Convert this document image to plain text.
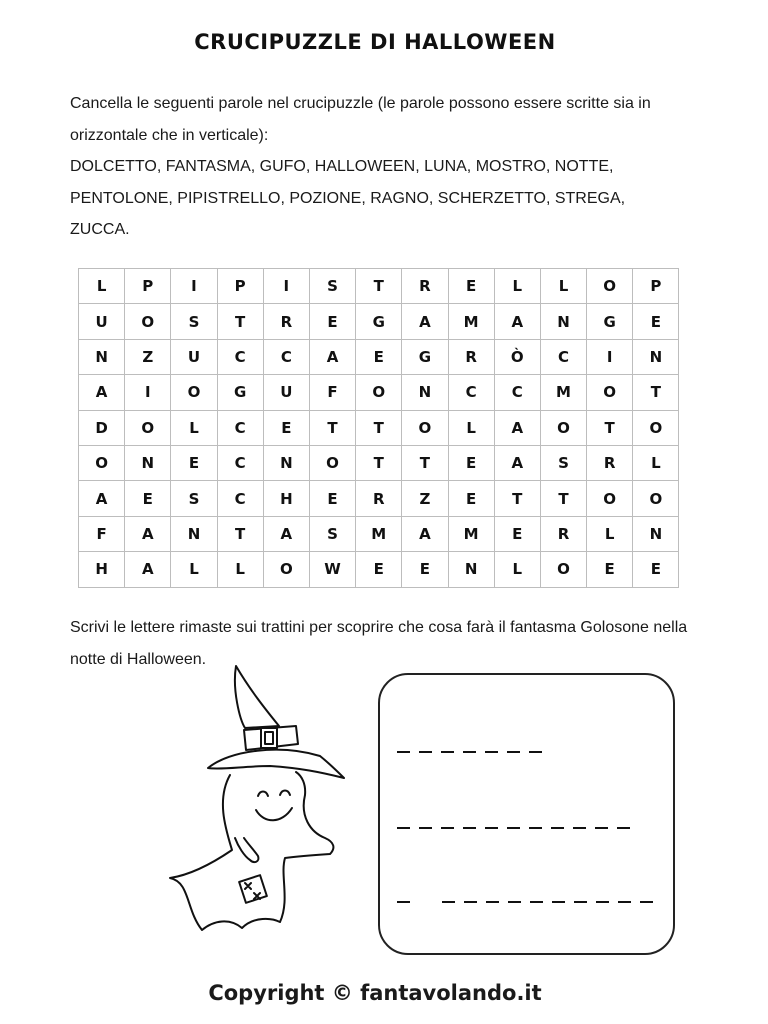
CRUCIPUZZLE DI HALLOWEEN

Cancella le seguenti parole nel crucipuzzle (le parole possono essere scritte sia in

orizzontale che in verticale):

DOLCETTO, FANTASMA, GUFO, HALLOWEEN, LUNA, MOSTRO, NOTTE,

PENTOLONE, PIPISTRELLO, POZIONE, RAGNO, SCHERZETTO, STREGA,

ZUCCA.

L	P	I	P	I	S	T	R	E	L	L	O	P
U	O	S	T	R	E	G	A	M	A	N	G	E
N	Z	U	C	C	A	E	G	R	Ò	C	I	N
A	I	O	G	U	F	O	N	C	C	M	O	T
D	O	L	C	E	T	T	O	L	A	O	T	O
O	N	E	C	N	O	T	T	E	A	S	R	L
A	E	S	C	H	E	R	Z	E	T	T	O	O
F	A	N	T	A	S	M	A	M	E	R	L	N
H	A	L	L	O	W	E	E	N	L	O	E	E

Scrivi le lettere rimaste sui trattini per scoprire che cosa farà il fantasma Golosone nella

notte di Halloween.

Copyright © fantavolando.it
